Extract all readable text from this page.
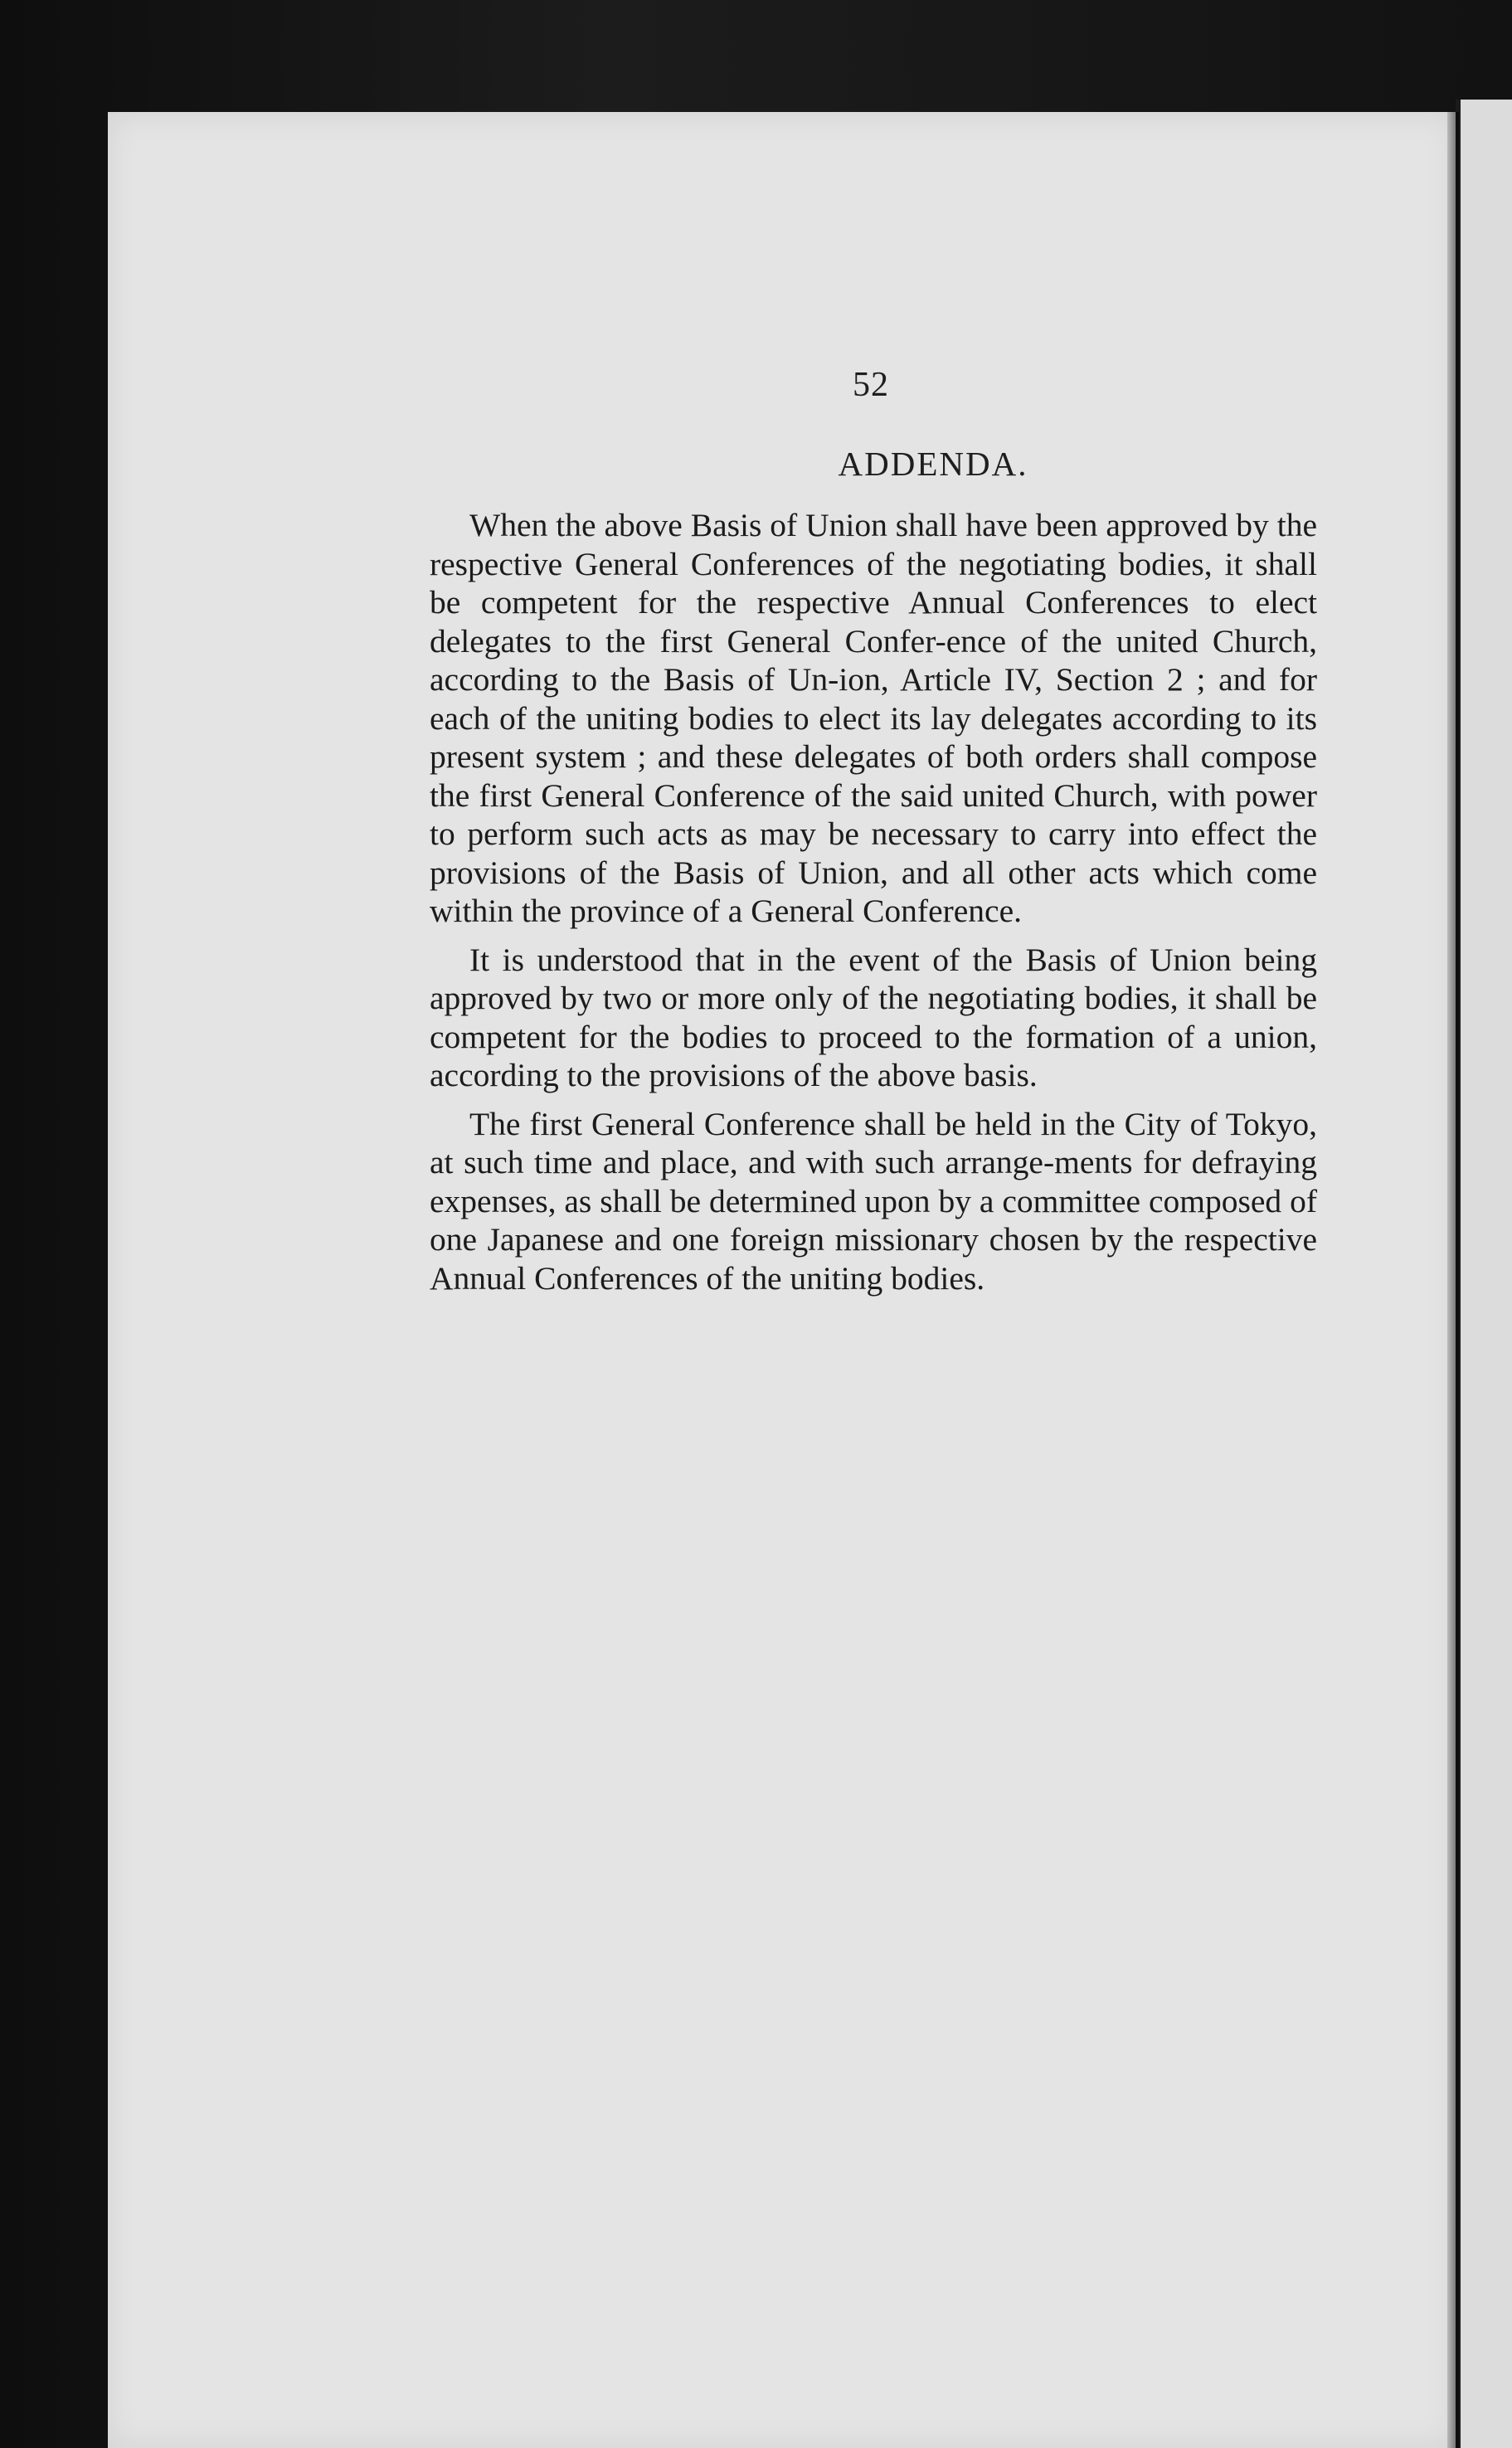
52
ADDENDA.

When the above Basis of Union shall have been approved by the respective General Conferences of the negotiating bodies, it shall be competent for the respective Annual Conferences to elect delegates to the first General Confer-ence of the united Church, according to the Basis of Un-ion, Article IV, Section 2 ; and for each of the uniting bodies to elect its lay delegates according to its present system ; and these delegates of both orders shall compose the first General Conference of the said united Church, with power to perform such acts as may be necessary to carry into effect the provisions of the Basis of Union, and all other acts which come within the province of a General Conference.

It is understood that in the event of the Basis of Union being approved by two or more only of the negotiating bodies, it shall be competent for the bodies to proceed to the formation of a union, according to the provisions of the above basis.

The first General Conference shall be held in the City of Tokyo, at such time and place, and with such arrange-ments for defraying expenses, as shall be determined upon by a committee composed of one Japanese and one foreign missionary chosen by the respective Annual Conferences of the uniting bodies.
